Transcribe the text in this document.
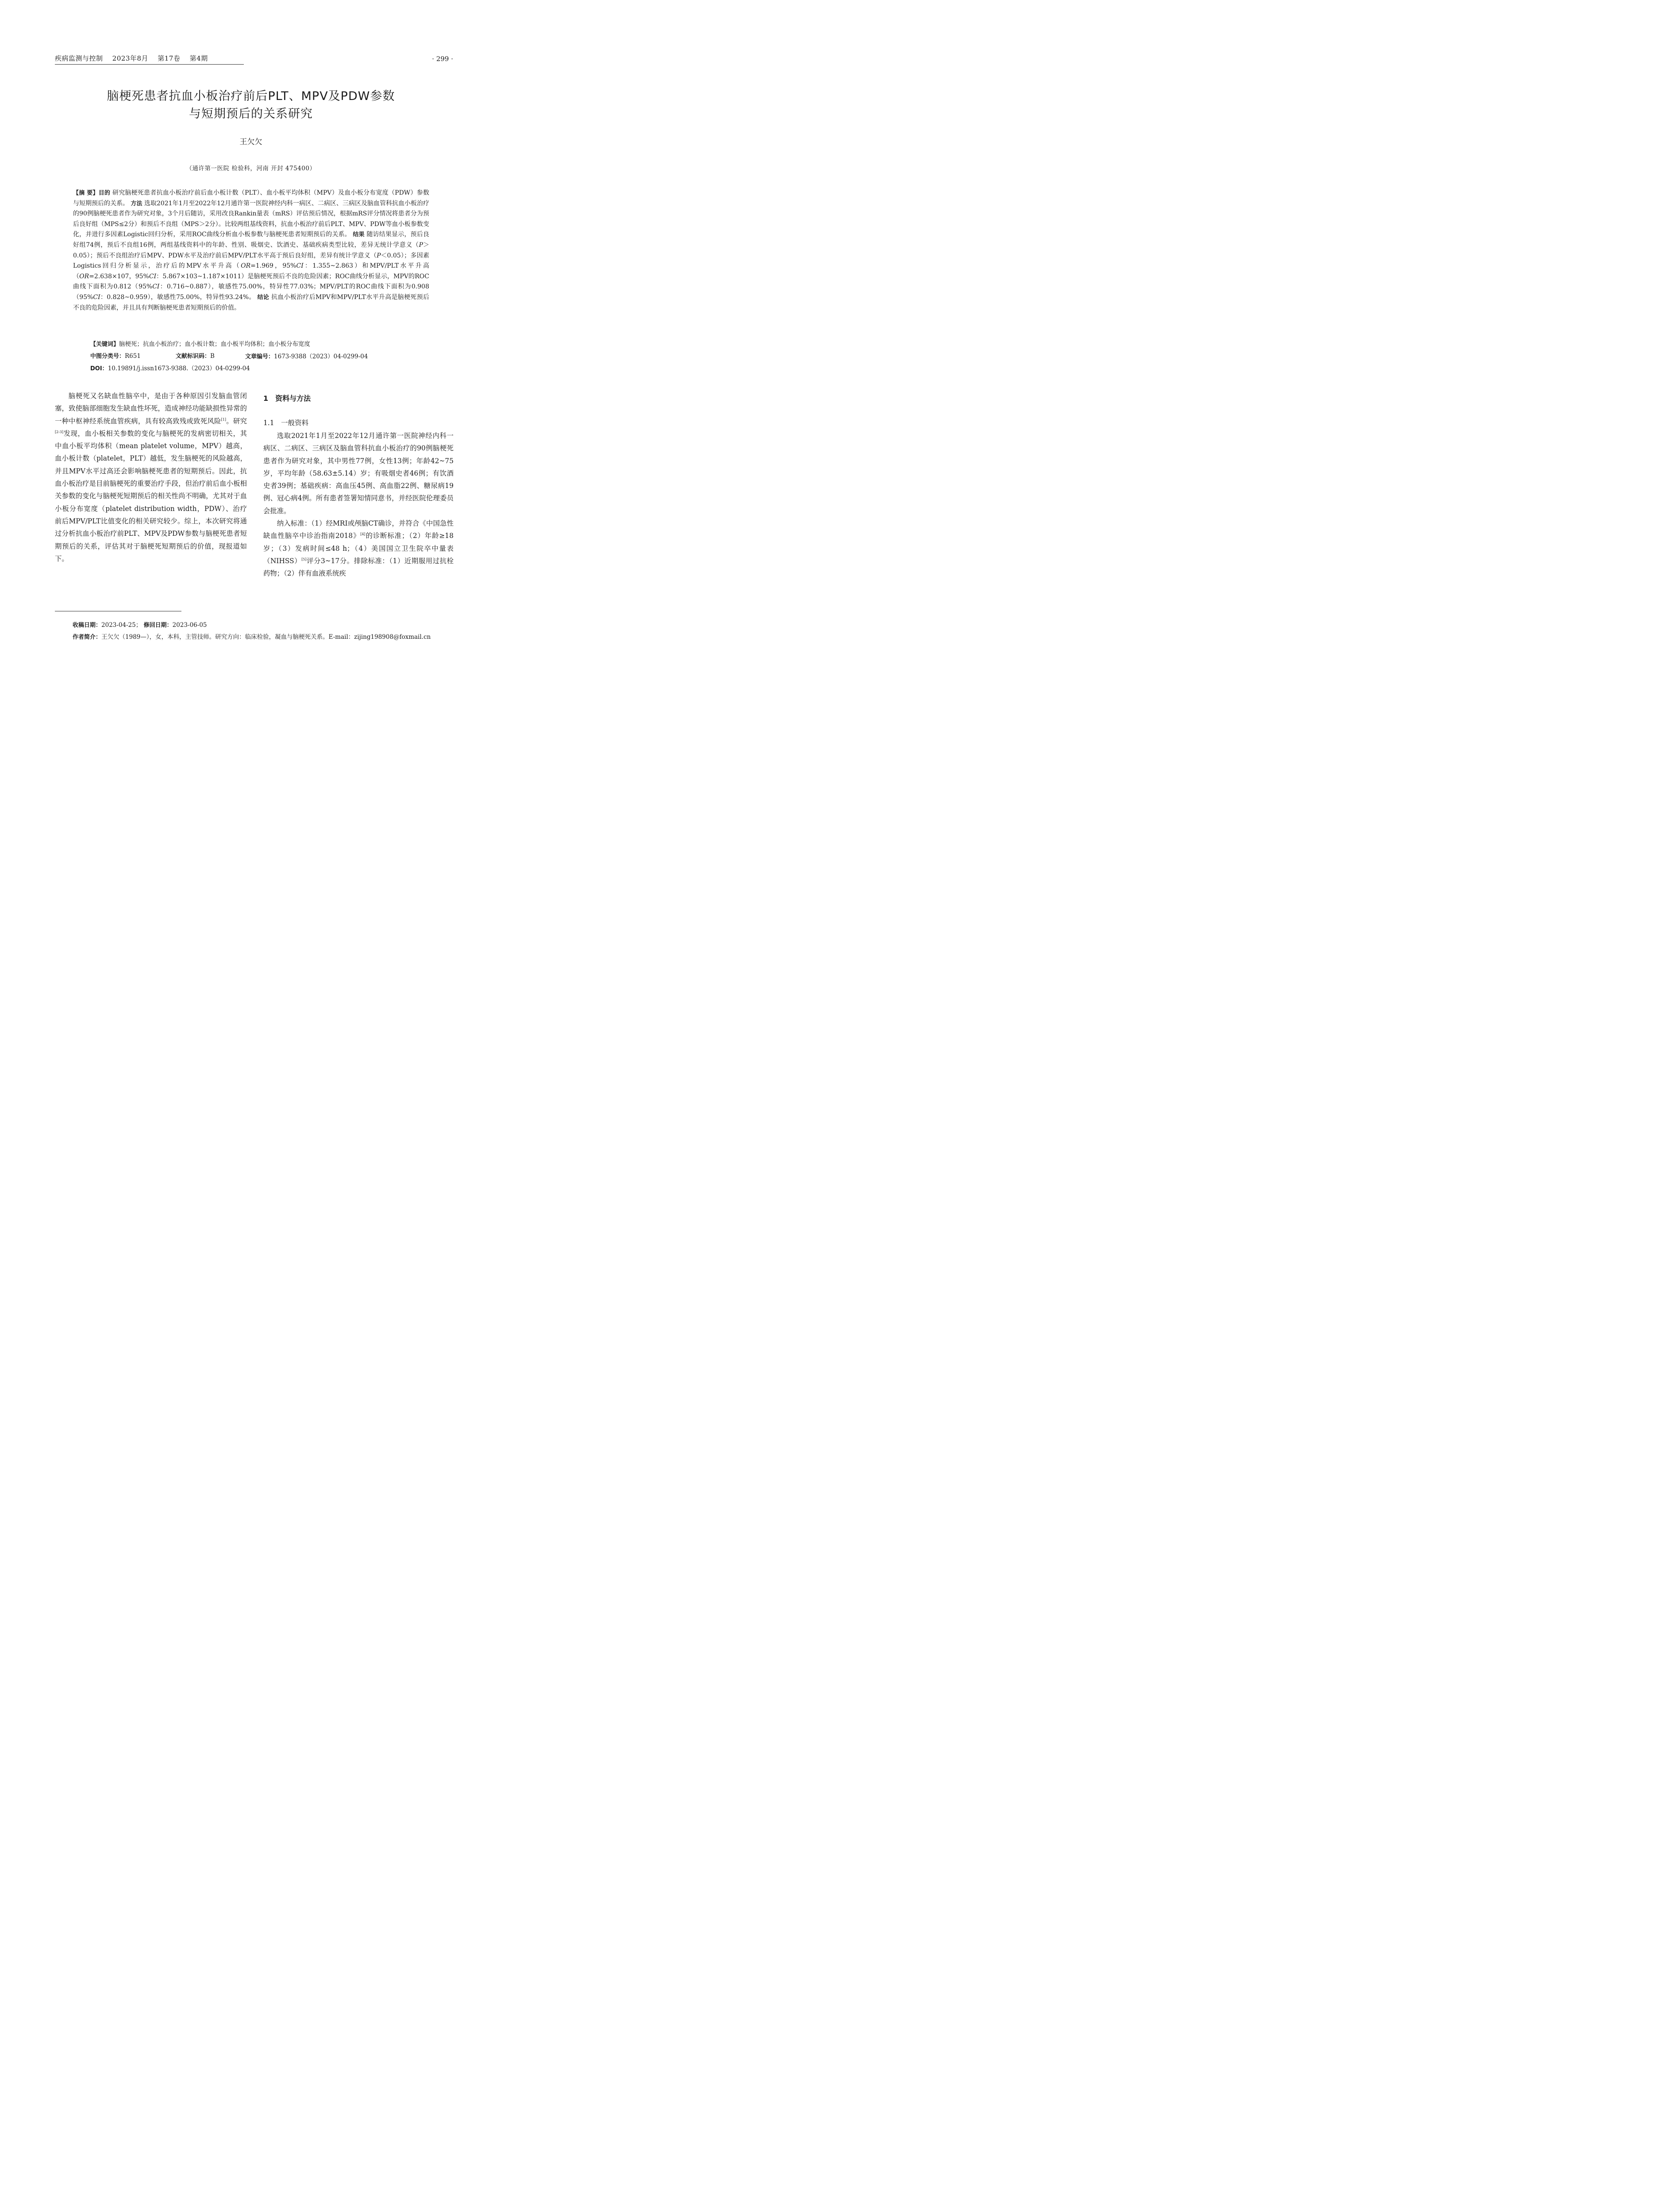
疾病监测与控制 2023年8月 第17卷 第4期	· 299 ·
脑梗死患者抗血小板治疗前后PLT、MPV及PDW参数
与短期预后的关系研究
王欠欠
（通许第一医院 检验科，河南 开封 475400）
【摘 要】目的 研究脑梗死患者抗血小板治疗前后血小板计数（PLT）、血小板平均体积（MPV）及血小板分布宽度（PDW）参数与短期预后的关系。 方法 选取2021年1月至2022年12月通许第一医院神经内科一病区、二病区、三病区及脑血管科抗血小板治疗的90例脑梗死患者作为研究对象，3个月后随访，采用改良Rankin量表（mRS）评估预后情况，根据mRS评分情况将患者分为预后良好组（MPS≤2分）和预后不良组（MPS＞2分）。比较两组基线资料，抗血小板治疗前后PLT、MPV、PDW等血小板参数变化，并进行多因素Logistic回归分析，采用ROC曲线分析血小板参数与脑梗死患者短期预后的关系。 结果 随访结果显示，预后良好组74例，预后不良组16例，两组基线资料中的年龄、性别、吸烟史、饮酒史、基础疾病类型比较，差异无统计学意义（P＞0.05）；预后不良组治疗后MPV、PDW水平及治疗前后MPV/PLT水平高于预后良好组，差异有统计学意义（P＜0.05）；多因素Logistics回归分析显示，治疗后的MPV水平升高（OR=1.969，95%CI：1.355~2.863）和MPV/PLT水平升高（OR=2.638×107，95%CI：5.867×103~1.187×1011）是脑梗死预后不良的危险因素；ROC曲线分析显示，MPV的ROC曲线下面积为0.812（95%CI：0.716~0.887），敏感性75.00%，特异性77.03%；MPV/PLT的ROC曲线下面积为0.908（95%CI：0.828~0.959），敏感性75.00%，特异性93.24%。 结论 抗血小板治疗后MPV和MPV/PLT水平升高是脑梗死预后不良的危险因素，并且具有判断脑梗死患者短期预后的价值。
【关键词】脑梗死；抗血小板治疗；血小板计数；血小板平均体积；血小板分布宽度
中图分类号：R651	文献标识码：B	文章编号：1673-9388（2023）04-0299-04
DOI：10.19891/j.issn1673-9388.（2023）04-0299-04

脑梗死又名缺血性脑卒中，是由于各种原因引发脑血管闭塞，致使脑部细胞发生缺血性坏死，造成神经功能缺损性异常的一种中枢神经系统血管疾病，具有较高致残或致死风险[1]。研究[2-3]发现，血小板相关参数的变化与脑梗死的发病密切相关，其中血小板平均体积（mean platelet volume，MPV）越高，血小板计数（platelet，PLT）越低，发生脑梗死的风险越高，并且MPV水平过高还会影响脑梗死患者的短期预后。因此，抗血小板治疗是目前脑梗死的重要治疗手段，但治疗前后血小板相关参数的变化与脑梗死短期预后的相关性尚不明确，尤其对于血小板分布宽度（platelet distribution width，PDW）、治疗前后MPV/PLT比值变化的相关研究较少。综上，本次研究将通过分析抗血小板治疗前PLT、MPV及PDW参数与脑梗死患者短期预后的关系，评估其对于脑梗死短期预后的价值，现报道如下。

1　资料与方法
1.1　一般资料

选取2021年1月至2022年12月通许第一医院神经内科一病区、二病区、三病区及脑血管科抗血小板治疗的90例脑梗死患者作为研究对象，其中男性77例，女性13例；年龄42~75岁，平均年龄（58.63±5.14）岁；有吸烟史者46例；有饮酒史者39例；基础疾病：高血压45例、高血脂22例、糖尿病19例、冠心病4例。所有患者签署知情同意书，并经医院伦理委员会批准。

纳入标准：（1）经MRI或颅脑CT确诊，并符合《中国急性缺血性脑卒中诊治指南2018》[4]的诊断标准；（2）年龄≥18岁；（3）发病时间≤48 h；（4）美国国立卫生院卒中量表（NIHSS）[5]评分3~17分。排除标准：（1）近期服用过抗栓药物；（2）伴有血液系统疾

收稿日期：2023-04-25； 修回日期：2023-06-05
作者简介：王欠欠（1989—），女，本科，主管技师。研究方向：临床检验，凝血与脑梗死关系。E-mail：zijing198908@foxmail.cn
